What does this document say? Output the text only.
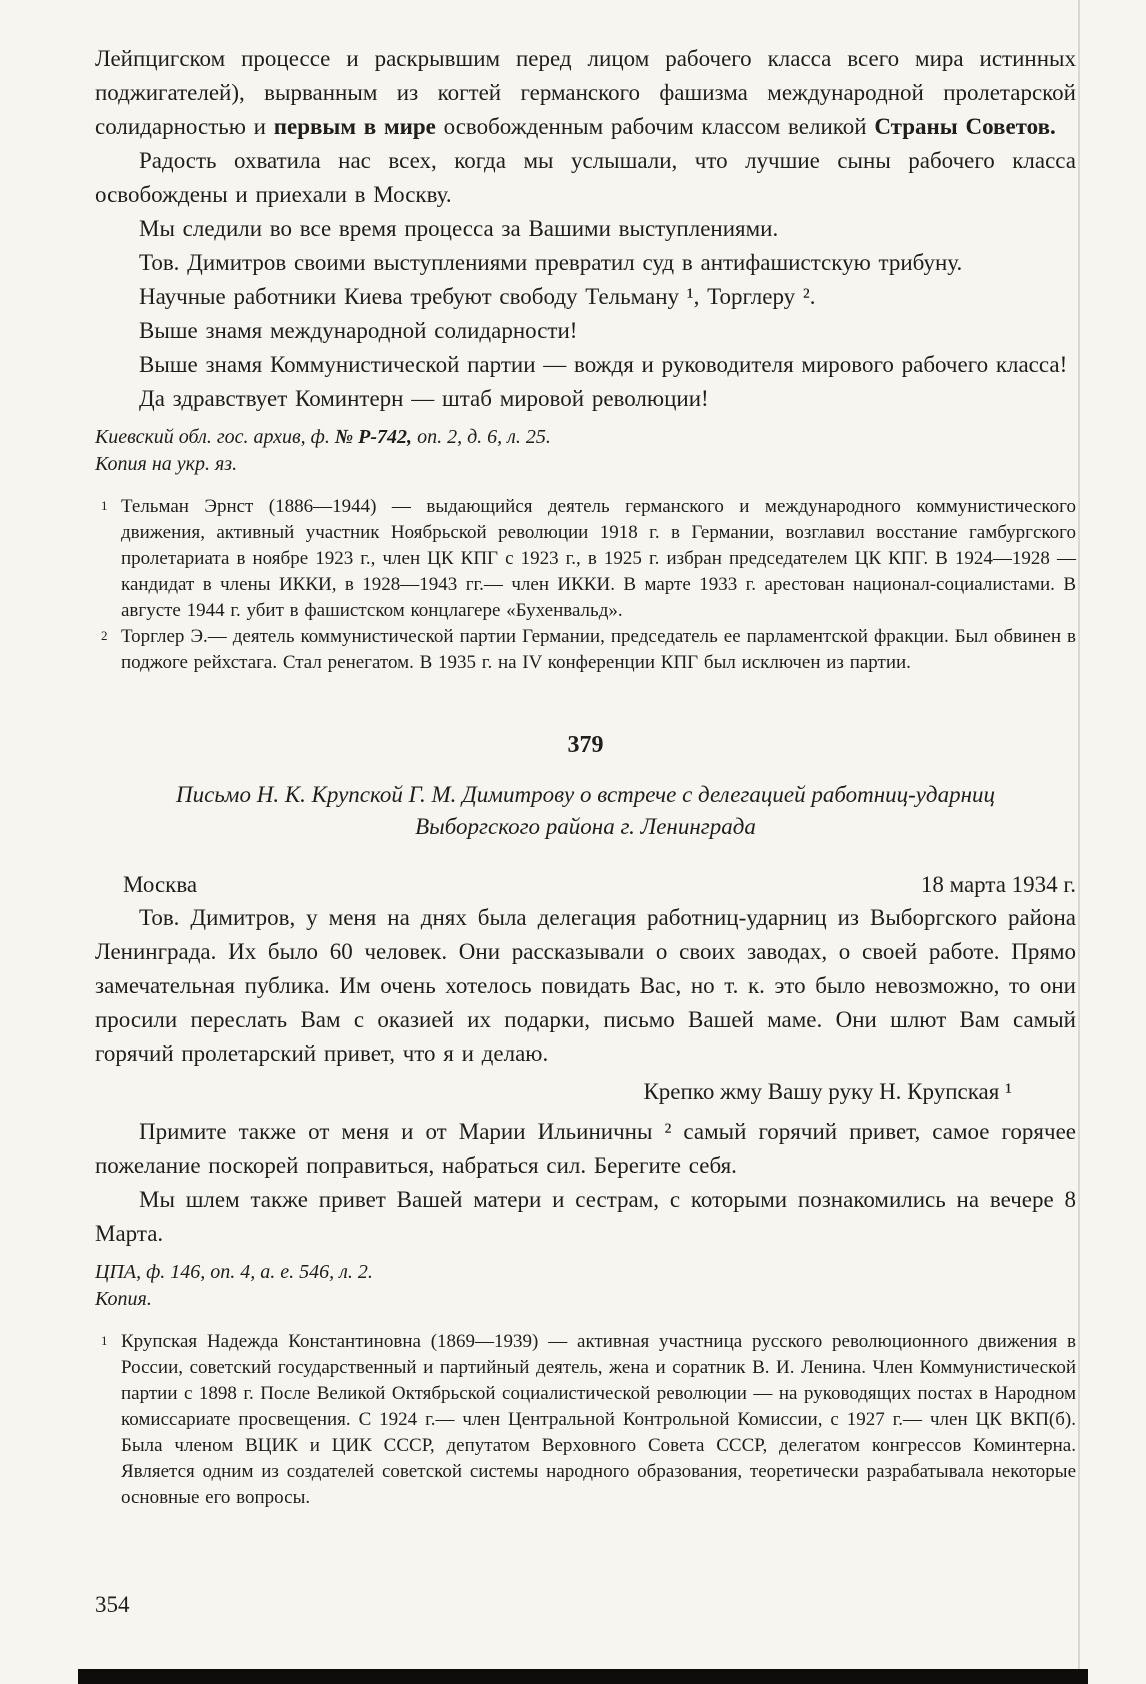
Лейпцигском процессе и раскрывшим перед лицом рабочего класса всего мира истинных поджигателей), вырванным из когтей германского фашизма международной пролетарской солидарностью и первым в мире освобожденным рабочим классом великой Страны Советов.

Радость охватила нас всех, когда мы услышали, что лучшие сыны рабочего класса освобождены и приехали в Москву.

Мы следили во все время процесса за Вашими выступлениями.

Тов. Димитров своими выступлениями превратил суд в антифашистскую трибуну.

Научные работники Киева требуют свободу Тельману ¹, Торглеру ².

Выше знамя международной солидарности!

Выше знамя Коммунистической партии — вождя и руководителя мирового рабочего класса!

Да здравствует Коминтерн — штаб мировой революции!

Киевский обл. гос. архив, ф. № Р-742, оп. 2, д. 6, л. 25.

Копия на укр. яз.

1 Тельман Эрнст (1886—1944) — выдающийся деятель германского и международного коммунистического движения, активный участник Ноябрьской революции 1918 г. в Германии, возглавил восстание гамбургского пролетариата в ноябре 1923 г., член ЦК КПГ с 1923 г., в 1925 г. избран председателем ЦК КПГ. В 1924—1928 — кандидат в члены ИККИ, в 1928—1943 гг.— член ИККИ. В марте 1933 г. арестован национал-социалистами. В августе 1944 г. убит в фашистском концлагере «Бухенвальд».

2 Торглер Э.— деятель коммунистической партии Германии, председатель ее парламентской фракции. Был обвинен в поджоге рейхстага. Стал ренегатом. В 1935 г. на IV конференции КПГ был исключен из партии.

379

Письмо Н. К. Крупской Г. М. Димитрову о встрече с делегацией работниц-ударниц Выборгского района г. Ленинграда

Москва	18 марта 1934 г.

Тов. Димитров, у меня на днях была делегация работниц-ударниц из Выборгского района Ленинграда. Их было 60 человек. Они рассказывали о своих заводах, о своей работе. Прямо замечательная публика. Им очень хотелось повидать Вас, но т. к. это было невозможно, то они просили переслать Вам с оказией их подарки, письмо Вашей маме. Они шлют Вам самый горячий пролетарский привет, что я и делаю.

Крепко жму Вашу руку Н. Крупская ¹

Примите также от меня и от Марии Ильиничны ² самый горячий привет, самое горячее пожелание поскорей поправиться, набраться сил. Берегите себя.

Мы шлем также привет Вашей матери и сестрам, с которыми познакомились на вечере 8 Марта.

ЦПА, ф. 146, оп. 4, а. е. 546, л. 2.

Копия.

1 Крупская Надежда Константиновна (1869—1939) — активная участница русского революционного движения в России, советский государственный и партийный деятель, жена и соратник В. И. Ленина. Член Коммунистической партии с 1898 г. После Великой Октябрьской социалистической революции — на руководящих постах в Народном комиссариате просвещения. С 1924 г.— член Центральной Контрольной Комиссии, с 1927 г.— член ЦК ВКП(б). Была членом ВЦИК и ЦИК СССР, депутатом Верховного Совета СССР, делегатом конгрессов Коминтерна. Является одним из создателей советской системы народного образования, теоретически разрабатывала некоторые основные его вопросы.

354
